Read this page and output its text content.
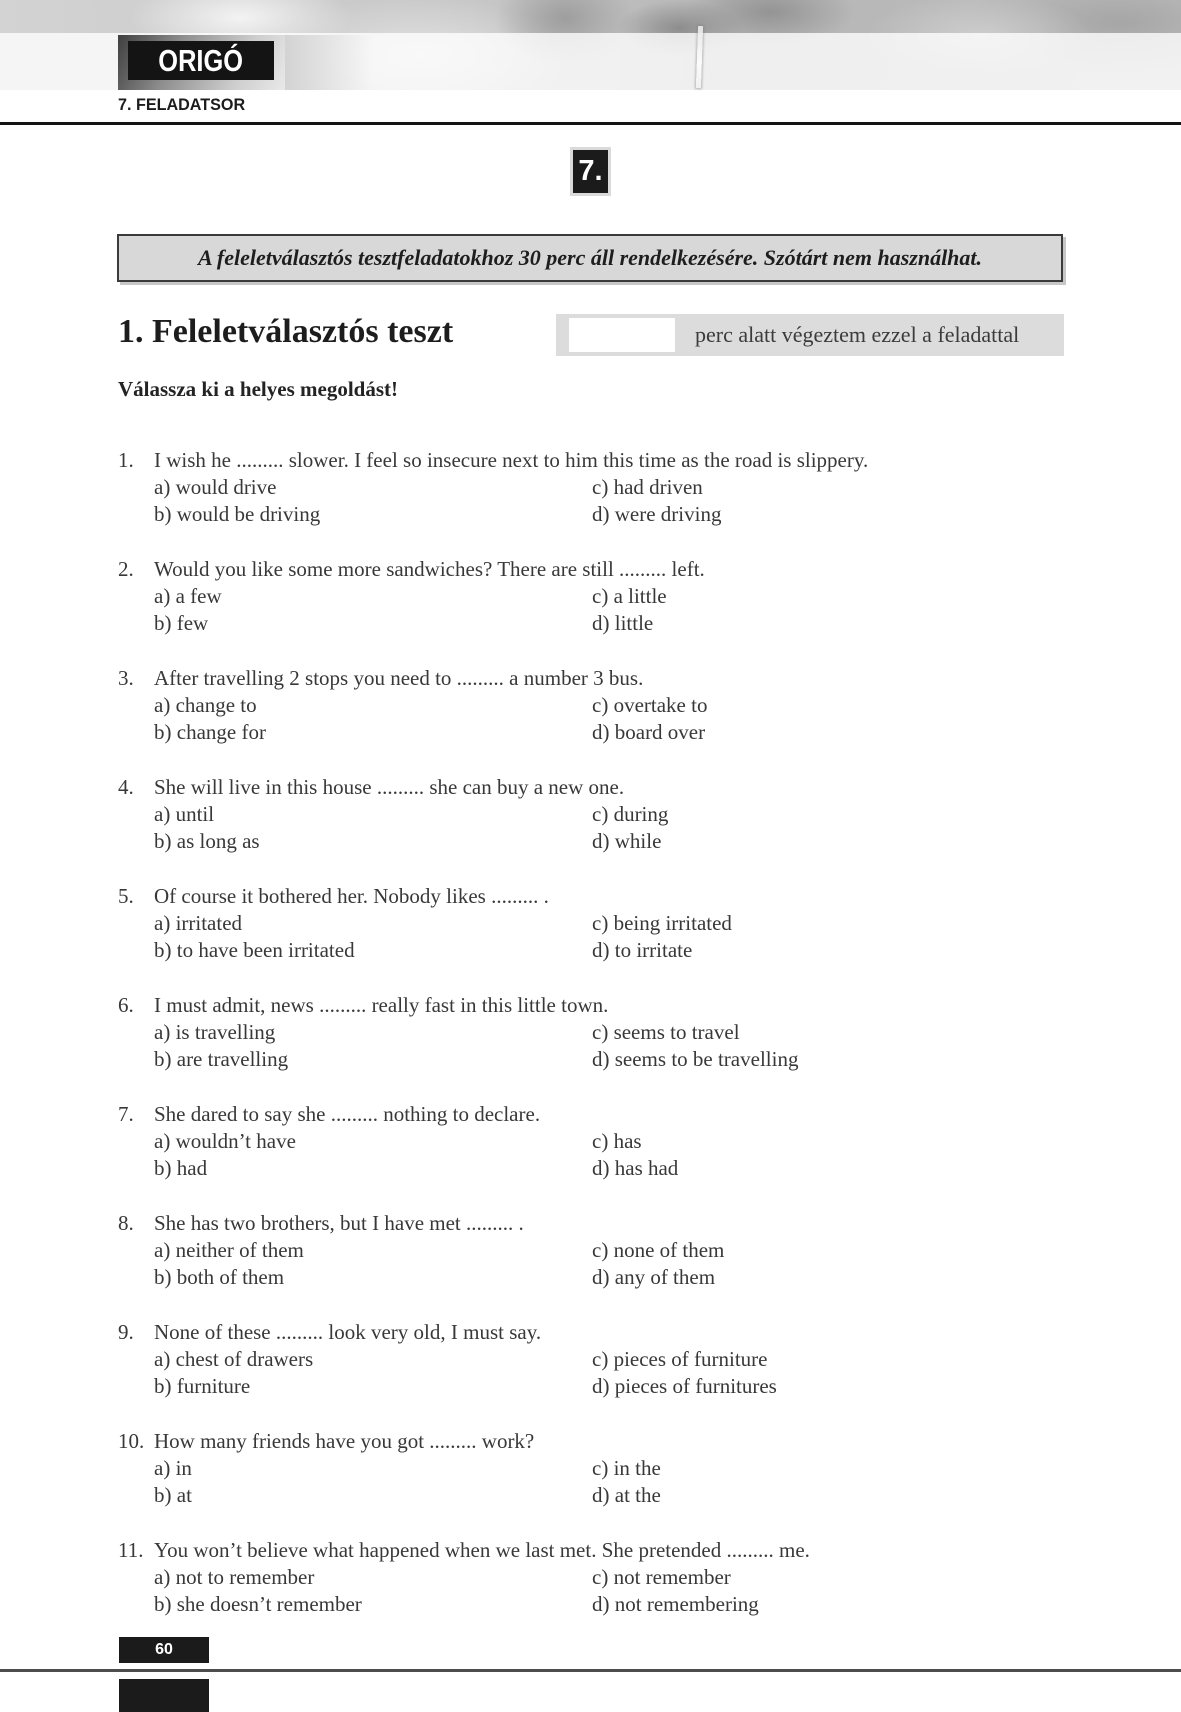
ORIGÓ
7. FELADATSOR
7.
A feleletválasztós tesztfeladatokhoz 30 perc áll rendelkezésére. Szótárt nem használhat.
1. Feleletválasztós teszt	perc alatt végeztem ezzel a feladattal
Válassza ki a helyes megoldást!
1. I wish he ......... slower. I feel so insecure next to him this time as the road is slippery.
a) would drive
b) would be driving
c) had driven
d) were driving
2. Would you like some more sandwiches? There are still ......... left.
a) a few
b) few
c) a little
d) little
3. After travelling 2 stops you need to ......... a number 3 bus.
a) change to
b) change for
c) overtake to
d) board over
4. She will live in this house ......... she can buy a new one.
a) until
b) as long as
c) during
d) while
5. Of course it bothered her. Nobody likes ......... .
a) irritated
b) to have been irritated
c) being irritated
d) to irritate
6. I must admit, news ......... really fast in this little town.
a) is travelling
b) are travelling
c) seems to travel
d) seems to be travelling
7. She dared to say she ......... nothing to declare.
a) wouldn’t have
b) had
c) has
d) has had
8. She has two brothers, but I have met ......... .
a) neither of them
b) both of them
c) none of them
d) any of them
9. None of these ......... look very old, I must say.
a) chest of drawers
b) furniture
c) pieces of furniture
d) pieces of furnitures
10. How many friends have you got ......... work?
a) in
b) at
c) in the
d) at the
11. You won’t believe what happened when we last met. She pretended ......... me.
a) not to remember
b) she doesn’t remember
c) not remember
d) not remembering
60
